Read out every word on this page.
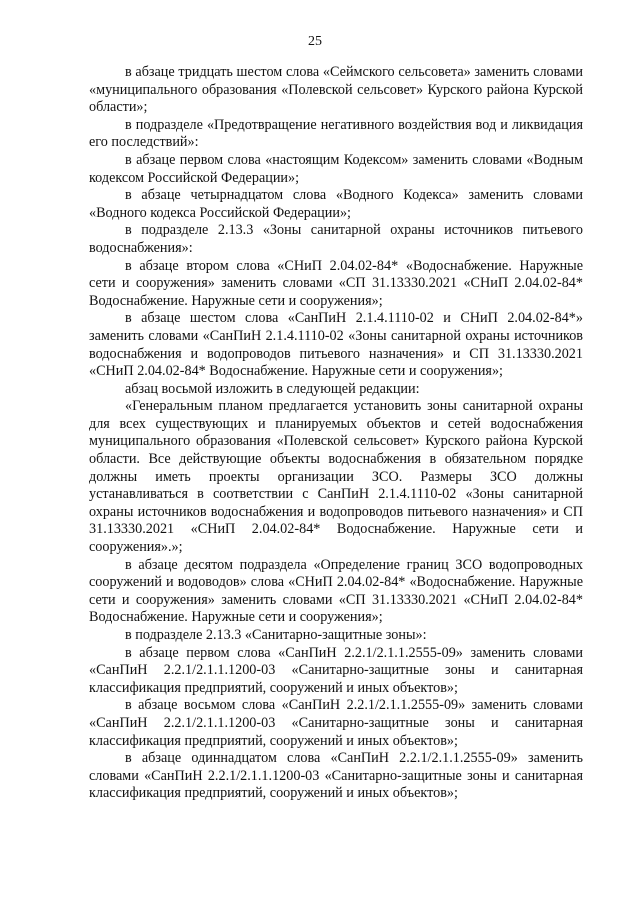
25

в абзаце тридцать шестом слова «Сеймского сельсовета» заменить словами «муниципального образования «Полевской сельсовет» Курского района Курской области»;

в подразделе «Предотвращение негативного воздействия вод и ликвидация его последствий»:

в абзаце первом слова «настоящим Кодексом» заменить словами «Водным кодексом Российской Федерации»;

в абзаце четырнадцатом слова «Водного Кодекса» заменить словами «Водного кодекса Российской Федерации»;

в подразделе 2.13.3 «Зоны санитарной охраны источников питьевого водоснабжения»:

в абзаце втором слова «СНиП 2.04.02-84* «Водоснабжение. Наружные сети и сооружения» заменить словами «СП 31.13330.2021 «СНиП 2.04.02-84* Водоснабжение. Наружные сети и сооружения»;

в абзаце шестом слова «СанПиН 2.1.4.1110-02 и СНиП 2.04.02-84*» заменить словами «СанПиН 2.1.4.1110-02 «Зоны санитарной охраны источников водоснабжения и водопроводов питьевого назначения» и СП 31.13330.2021 «СНиП 2.04.02-84* Водоснабжение. Наружные сети и сооружения»;

абзац восьмой изложить в следующей редакции:

«Генеральным планом предлагается установить зоны санитарной охраны для всех существующих и планируемых объектов и сетей водоснабжения муниципального образования «Полевской сельсовет» Курского района Курской области. Все действующие объекты водоснабжения в обязательном порядке должны иметь проекты организации ЗСО. Размеры ЗСО должны устанавливаться в соответствии с СанПиН 2.1.4.1110-02 «Зоны санитарной охраны источников водоснабжения и водопроводов питьевого назначения» и СП 31.13330.2021 «СНиП 2.04.02-84* Водоснабжение. Наружные сети и сооружения».»;

в абзаце десятом подраздела «Определение границ ЗСО водопроводных сооружений и водоводов» слова «СНиП 2.04.02-84* «Водоснабжение. Наружные сети и сооружения» заменить словами «СП 31.13330.2021 «СНиП 2.04.02-84* Водоснабжение. Наружные сети и сооружения»;

в подразделе 2.13.3 «Санитарно-защитные зоны»:

в абзаце первом слова «СанПиН 2.2.1/2.1.1.2555-09» заменить словами «СанПиН 2.2.1/2.1.1.1200-03 «Санитарно-защитные зоны и санитарная классификация предприятий, сооружений и иных объектов»;

в абзаце восьмом слова «СанПиН 2.2.1/2.1.1.2555-09» заменить словами «СанПиН 2.2.1/2.1.1.1200-03 «Санитарно-защитные зоны и санитарная классификация предприятий, сооружений и иных объектов»;

в абзаце одиннадцатом слова «СанПиН 2.2.1/2.1.1.2555-09» заменить словами «СанПиН 2.2.1/2.1.1.1200-03 «Санитарно-защитные зоны и санитарная классификация предприятий, сооружений и иных объектов»;
